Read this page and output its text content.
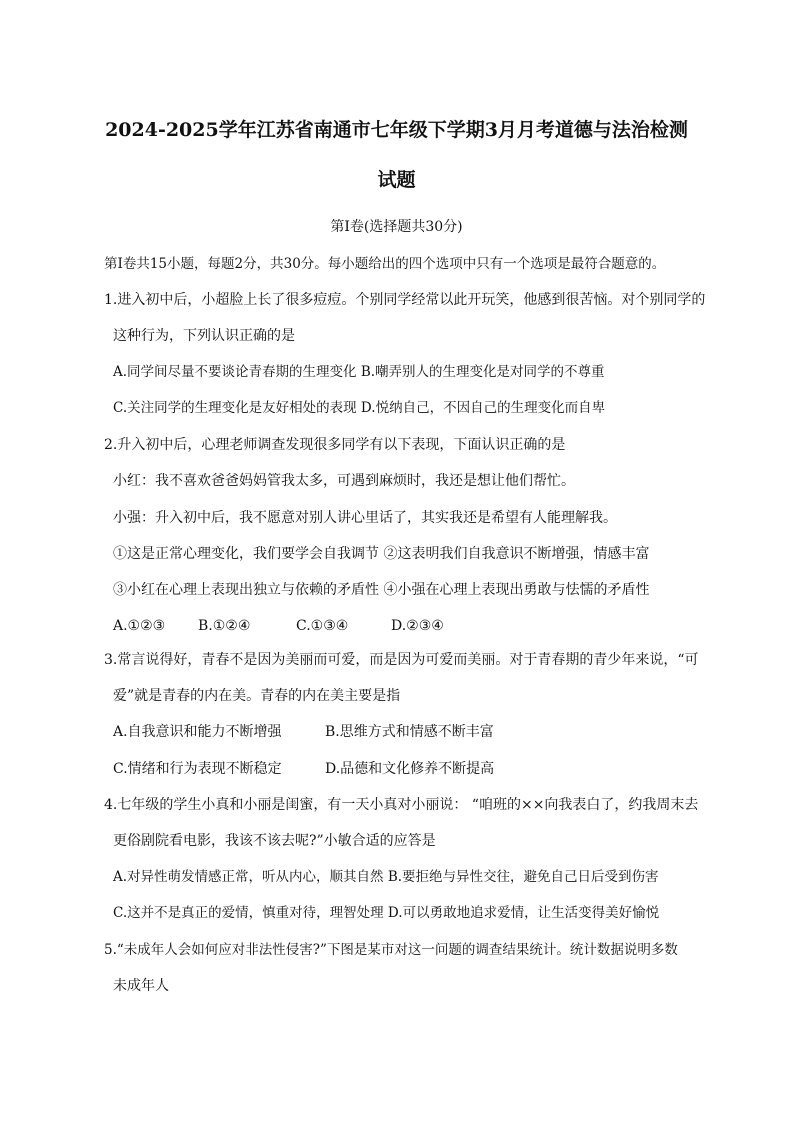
2024-2025学年江苏省南通市七年级下学期3月月考道德与法治检测
试题
第Ⅰ卷(选择题共30分)
第Ⅰ卷共15小题，每题2分，共30分。每小题给出的四个选项中只有一个选项是最符合题意的。
1.进入初中后，小超脸上长了很多痘痘。个别同学经常以此开玩笑，他感到很苦恼。对个别同学的
这种行为，下列认识正确的是
A.同学间尽量不要谈论青春期的生理变化 B.嘲弄别人的生理变化是对同学的不尊重
C.关注同学的生理变化是友好相处的表现 D.悦纳自己，不因自己的生理变化而自卑
2.升入初中后，心理老师调查发现很多同学有以下表现，下面认识正确的是
小红：我不喜欢爸爸妈妈管我太多，可遇到麻烦时，我还是想让他们帮忙。
小强：升入初中后，我不愿意对别人讲心里话了，其实我还是希望有人能理解我。
①这是正常心理变化，我们要学会自我调节 ②这表明我们自我意识不断增强，情感丰富
③小红在心理上表现出独立与依赖的矛盾性 ④小强在心理上表现出勇敢与怯懦的矛盾性
A.①②③ B.①②④	C.①③④	D.②③④
3.常言说得好，青春不是因为美丽而可爱，而是因为可爱而美丽。对于青春期的青少年来说，“可
爱”就是青春的内在美。青春的内在美主要是指
A.自我意识和能力不断增强	B.思维方式和情感不断丰富
C.情绪和行为表现不断稳定	D.品德和文化修养不断提高
4.七年级的学生小真和小丽是闺蜜，有一天小真对小丽说： “咱班的××向我表白了，约我周末去
更俗剧院看电影，我该不该去呢?”小敏合适的应答是
A.对异性萌发情感正常，听从内心，顺其自然 B.要拒绝与异性交往，避免自己日后受到伤害
C.这并不是真正的爱情，慎重对待，理智处理 D.可以勇敢地追求爱情，让生活变得美好愉悦
5.“未成年人会如何应对非法性侵害?”下图是某市对这一问题的调查结果统计。统计数据说明多数
未成年人
